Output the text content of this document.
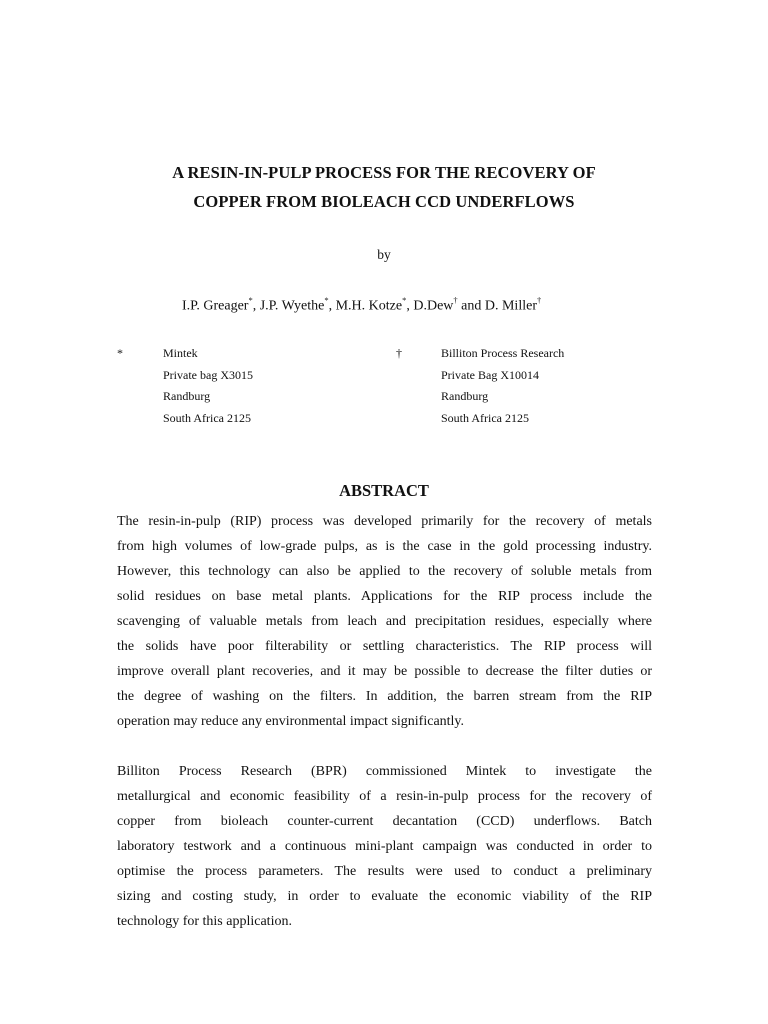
A RESIN-IN-PULP PROCESS FOR THE RECOVERY OF
COPPER FROM BIOLEACH CCD UNDERFLOWS
by
I.P. Greager*, J.P. Wyethe*, M.H. Kotze*, D.Dew† and D. Miller†
*	Mintek
Private bag X3015
Randburg
South Africa 2125
†	Billiton Process Research
Private Bag X10014
Randburg
South Africa 2125
ABSTRACT
The resin-in-pulp (RIP) process was developed primarily for the recovery of metals
from high volumes of low-grade pulps, as is the case in the gold processing industry.
However, this technology can also be applied to the recovery of soluble metals from
solid residues on base metal plants. Applications for the RIP process include the
scavenging of valuable metals from leach and precipitation residues, especially where
the solids have poor filterability or settling characteristics. The RIP process will
improve overall plant recoveries, and it may be possible to decrease the filter duties or
the degree of washing on the filters. In addition, the barren stream from the RIP
operation may reduce any environmental impact significantly.
Billiton Process Research (BPR) commissioned Mintek to investigate the
metallurgical and economic feasibility of a resin-in-pulp process for the recovery of
copper from bioleach counter-current decantation (CCD) underflows. Batch
laboratory testwork and a continuous mini-plant campaign was conducted in order to
optimise the process parameters. The results were used to conduct a preliminary
sizing and costing study, in order to evaluate the economic viability of the RIP
technology for this application.
